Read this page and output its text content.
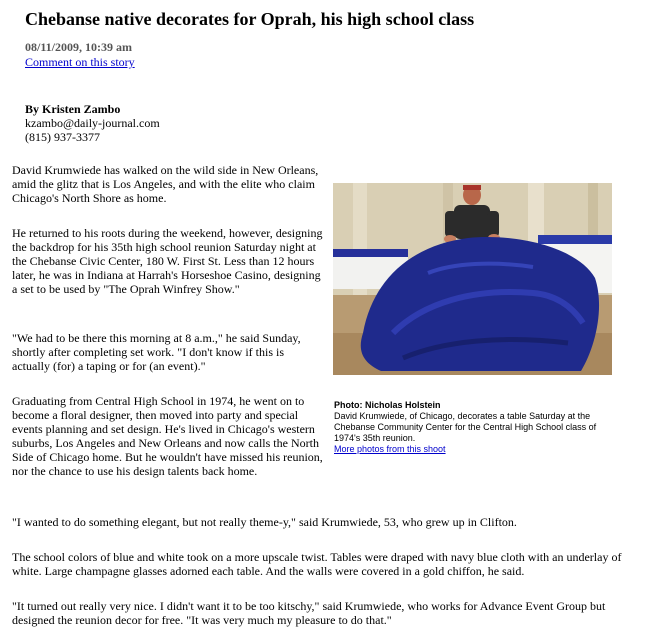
Chebanse native decorates for Oprah, his high school class
08/11/2009, 10:39 am
Comment on this story
By Kristen Zambo
kzambo@daily-journal.com
(815) 937-3377

David Krumwiede has walked on the wild side in New Orleans, amid the glitz that is Los Angeles, and with the elite who claim Chicago's North Shore as home.

He returned to his roots during the weekend, however, designing the backdrop for his 35th high school reunion Saturday night at the Chebanse Civic Center, 180 W. First St. Less than 12 hours later, he was in Indiana at Harrah's Horseshoe Casino, designing a set to be used by "The Oprah Winfrey Show."

"We had to be there this morning at 8 a.m.," he said Sunday, shortly after completing set work. "I don't know if this is actually (for) a taping or for (an event)."

Graduating from Central High School in 1974, he went on to become a floral designer, then moved into party and special events planning and set design. He's lived in Chicago's western suburbs, Los Angeles and New Orleans and now calls the North Side of Chicago home. But he wouldn't have missed his reunion, nor the chance to use his design talents back home.

"I wanted to do something elegant, but not really theme-y," said Krumwiede, 53, who grew up in Clifton.

The school colors of blue and white took on a more upscale twist. Tables were draped with navy blue cloth with an underlay of white. Large champagne glasses adorned each table. And the walls were covered in a gold chiffon, he said.

"It turned out really very nice. I didn't want it to be too kitschy," said Krumwiede, who works for Advance Event Group but designed the reunion decor for free. "It was very much my pleasure to do that."

Photo: Nicholas Holstein
David Krumwiede, of Chicago, decorates a table Saturday at the Chebanse Community Center for the Central High School class of 1974's 35th reunion.
More photos from this shoot
